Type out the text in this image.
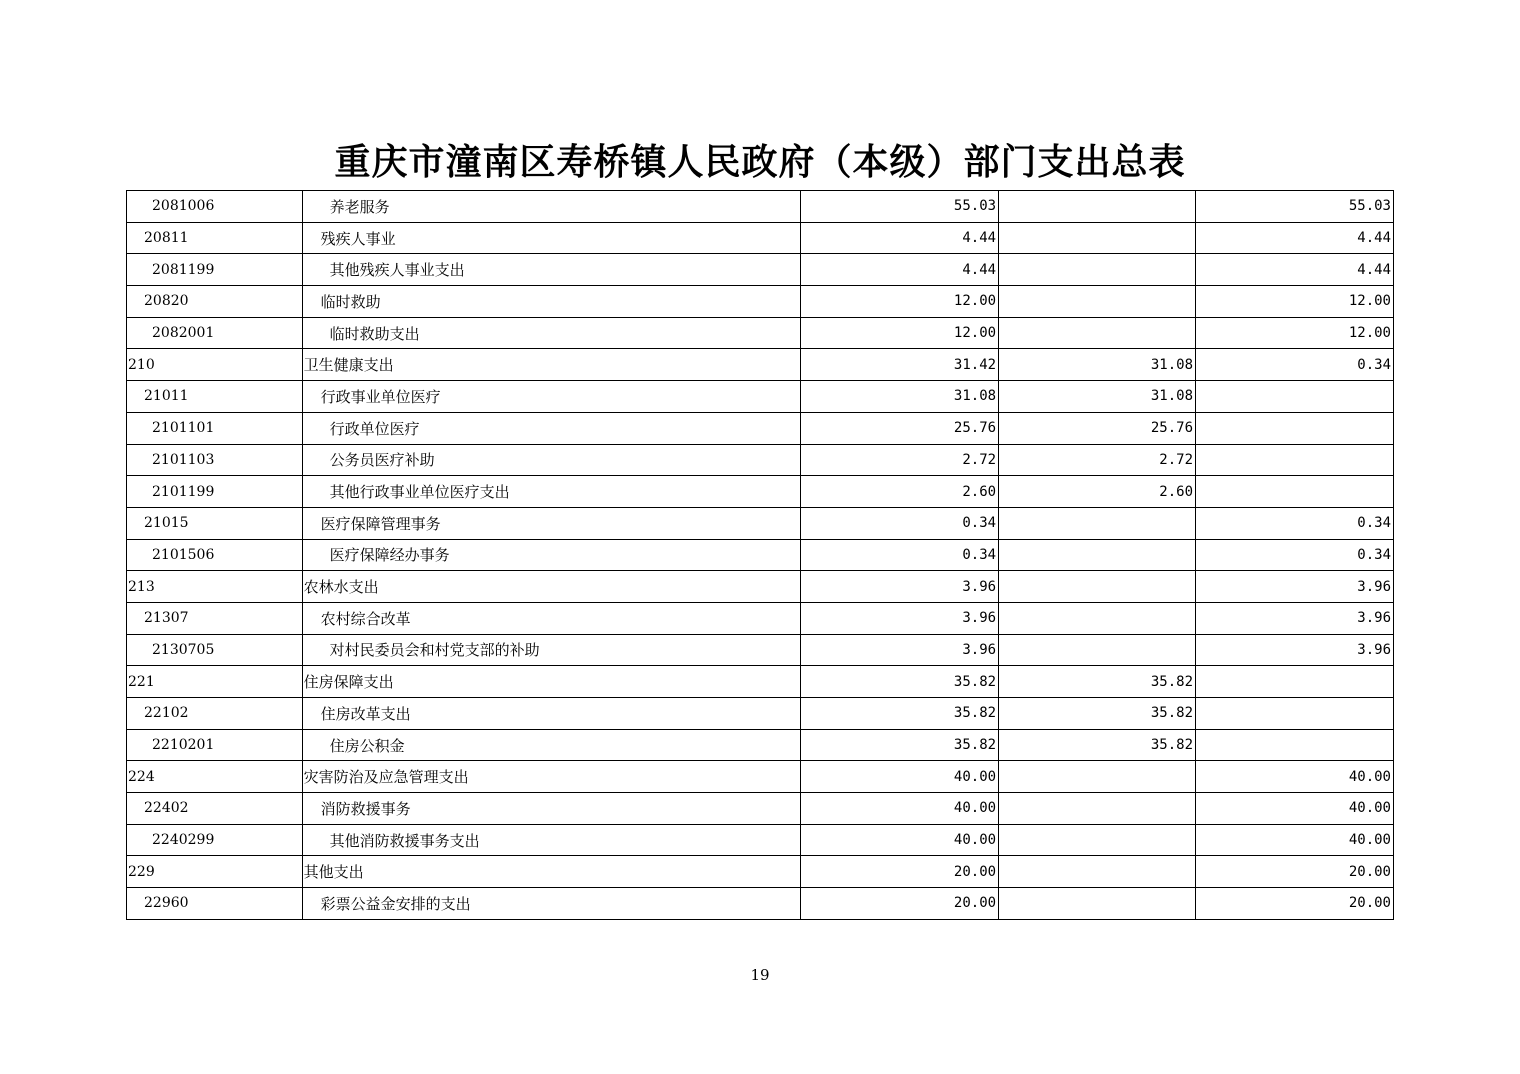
重庆市潼南区寿桥镇人民政府（本级）部门支出总表
2081006	养老服务	55.03		55.03
20811	残疾人事业	4.44		4.44
2081199	其他残疾人事业支出	4.44		4.44
20820	临时救助	12.00		12.00
2082001	临时救助支出	12.00		12.00
210	卫生健康支出	31.42	31.08	0.34
21011	行政事业单位医疗	31.08	31.08	
2101101	行政单位医疗	25.76	25.76	
2101103	公务员医疗补助	2.72	2.72	
2101199	其他行政事业单位医疗支出	2.60	2.60	
21015	医疗保障管理事务	0.34		0.34
2101506	医疗保障经办事务	0.34		0.34
213	农林水支出	3.96		3.96
21307	农村综合改革	3.96		3.96
2130705	对村民委员会和村党支部的补助	3.96		3.96
221	住房保障支出	35.82	35.82	
22102	住房改革支出	35.82	35.82	
2210201	住房公积金	35.82	35.82	
224	灾害防治及应急管理支出	40.00		40.00
22402	消防救援事务	40.00		40.00
2240299	其他消防救援事务支出	40.00		40.00
229	其他支出	20.00		20.00
22960	彩票公益金安排的支出	20.00		20.00
19
